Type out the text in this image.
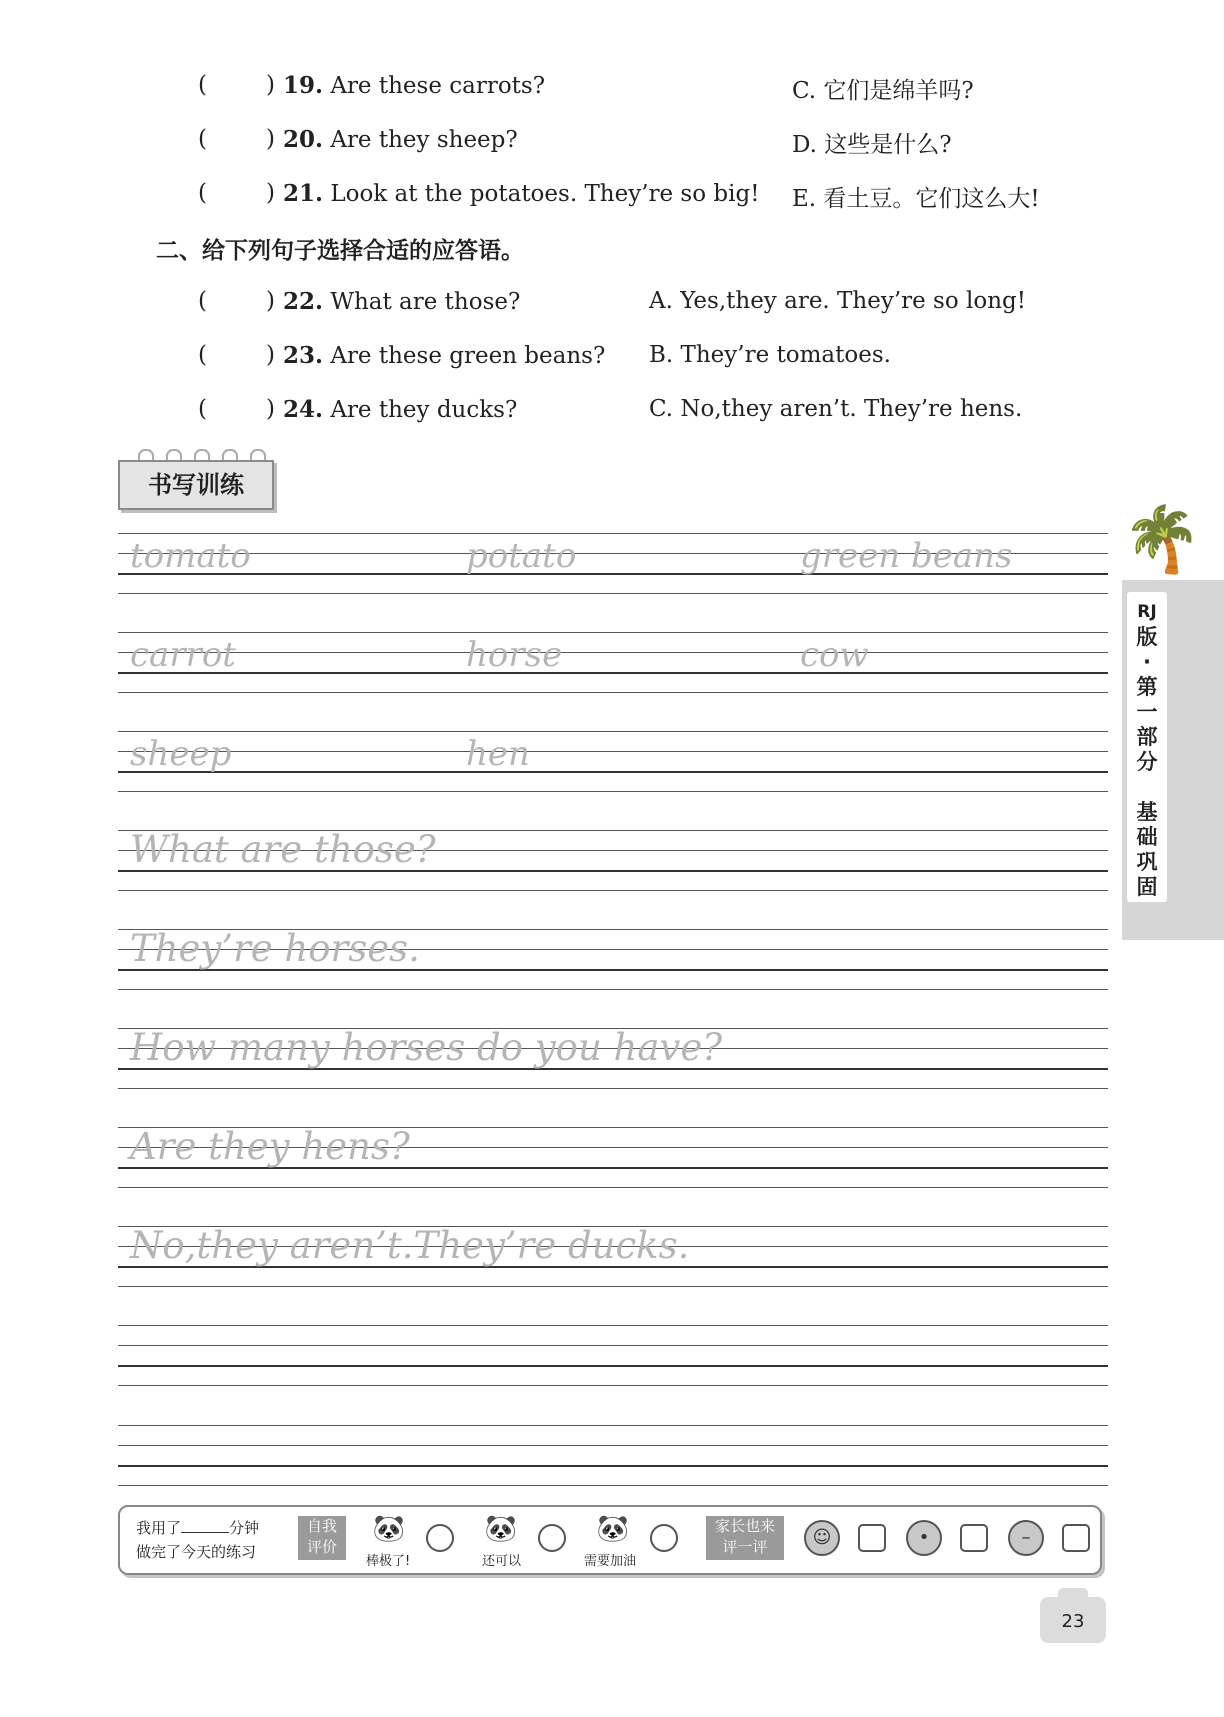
(	) 19. Are these carrots?	C. 它们是绵羊吗?
(	) 20. Are they sheep?	D. 这些是什么?
(	) 21. Look at the potatoes. They’re so big! E. 看土豆。它们这么大!
二、给下列句子选择合适的应答语。
(	) 22. What are those?	A. Yes,they are. They’re so long!
(	) 23. Are these green beans? B. They’re tomatoes.
(	) 24. Are they ducks?	C. No,they aren’t. They’re hens.
书写训练
tomato	potato	green beans
carrot	horse	cow
sheep	hen
What are those?
They’re horses.
How many horses do you have?
Are they hens?
No,they aren’t.They’re ducks.
🌴
RJ
版
·
第
一
部
分

基
础
巩
固
我用了	分钟
做完了今天的练习
自我
评价
🐼
棒极了!
🐼
还可以
🐼
需要加油
家长也来
评一评	☺	•	–
23
